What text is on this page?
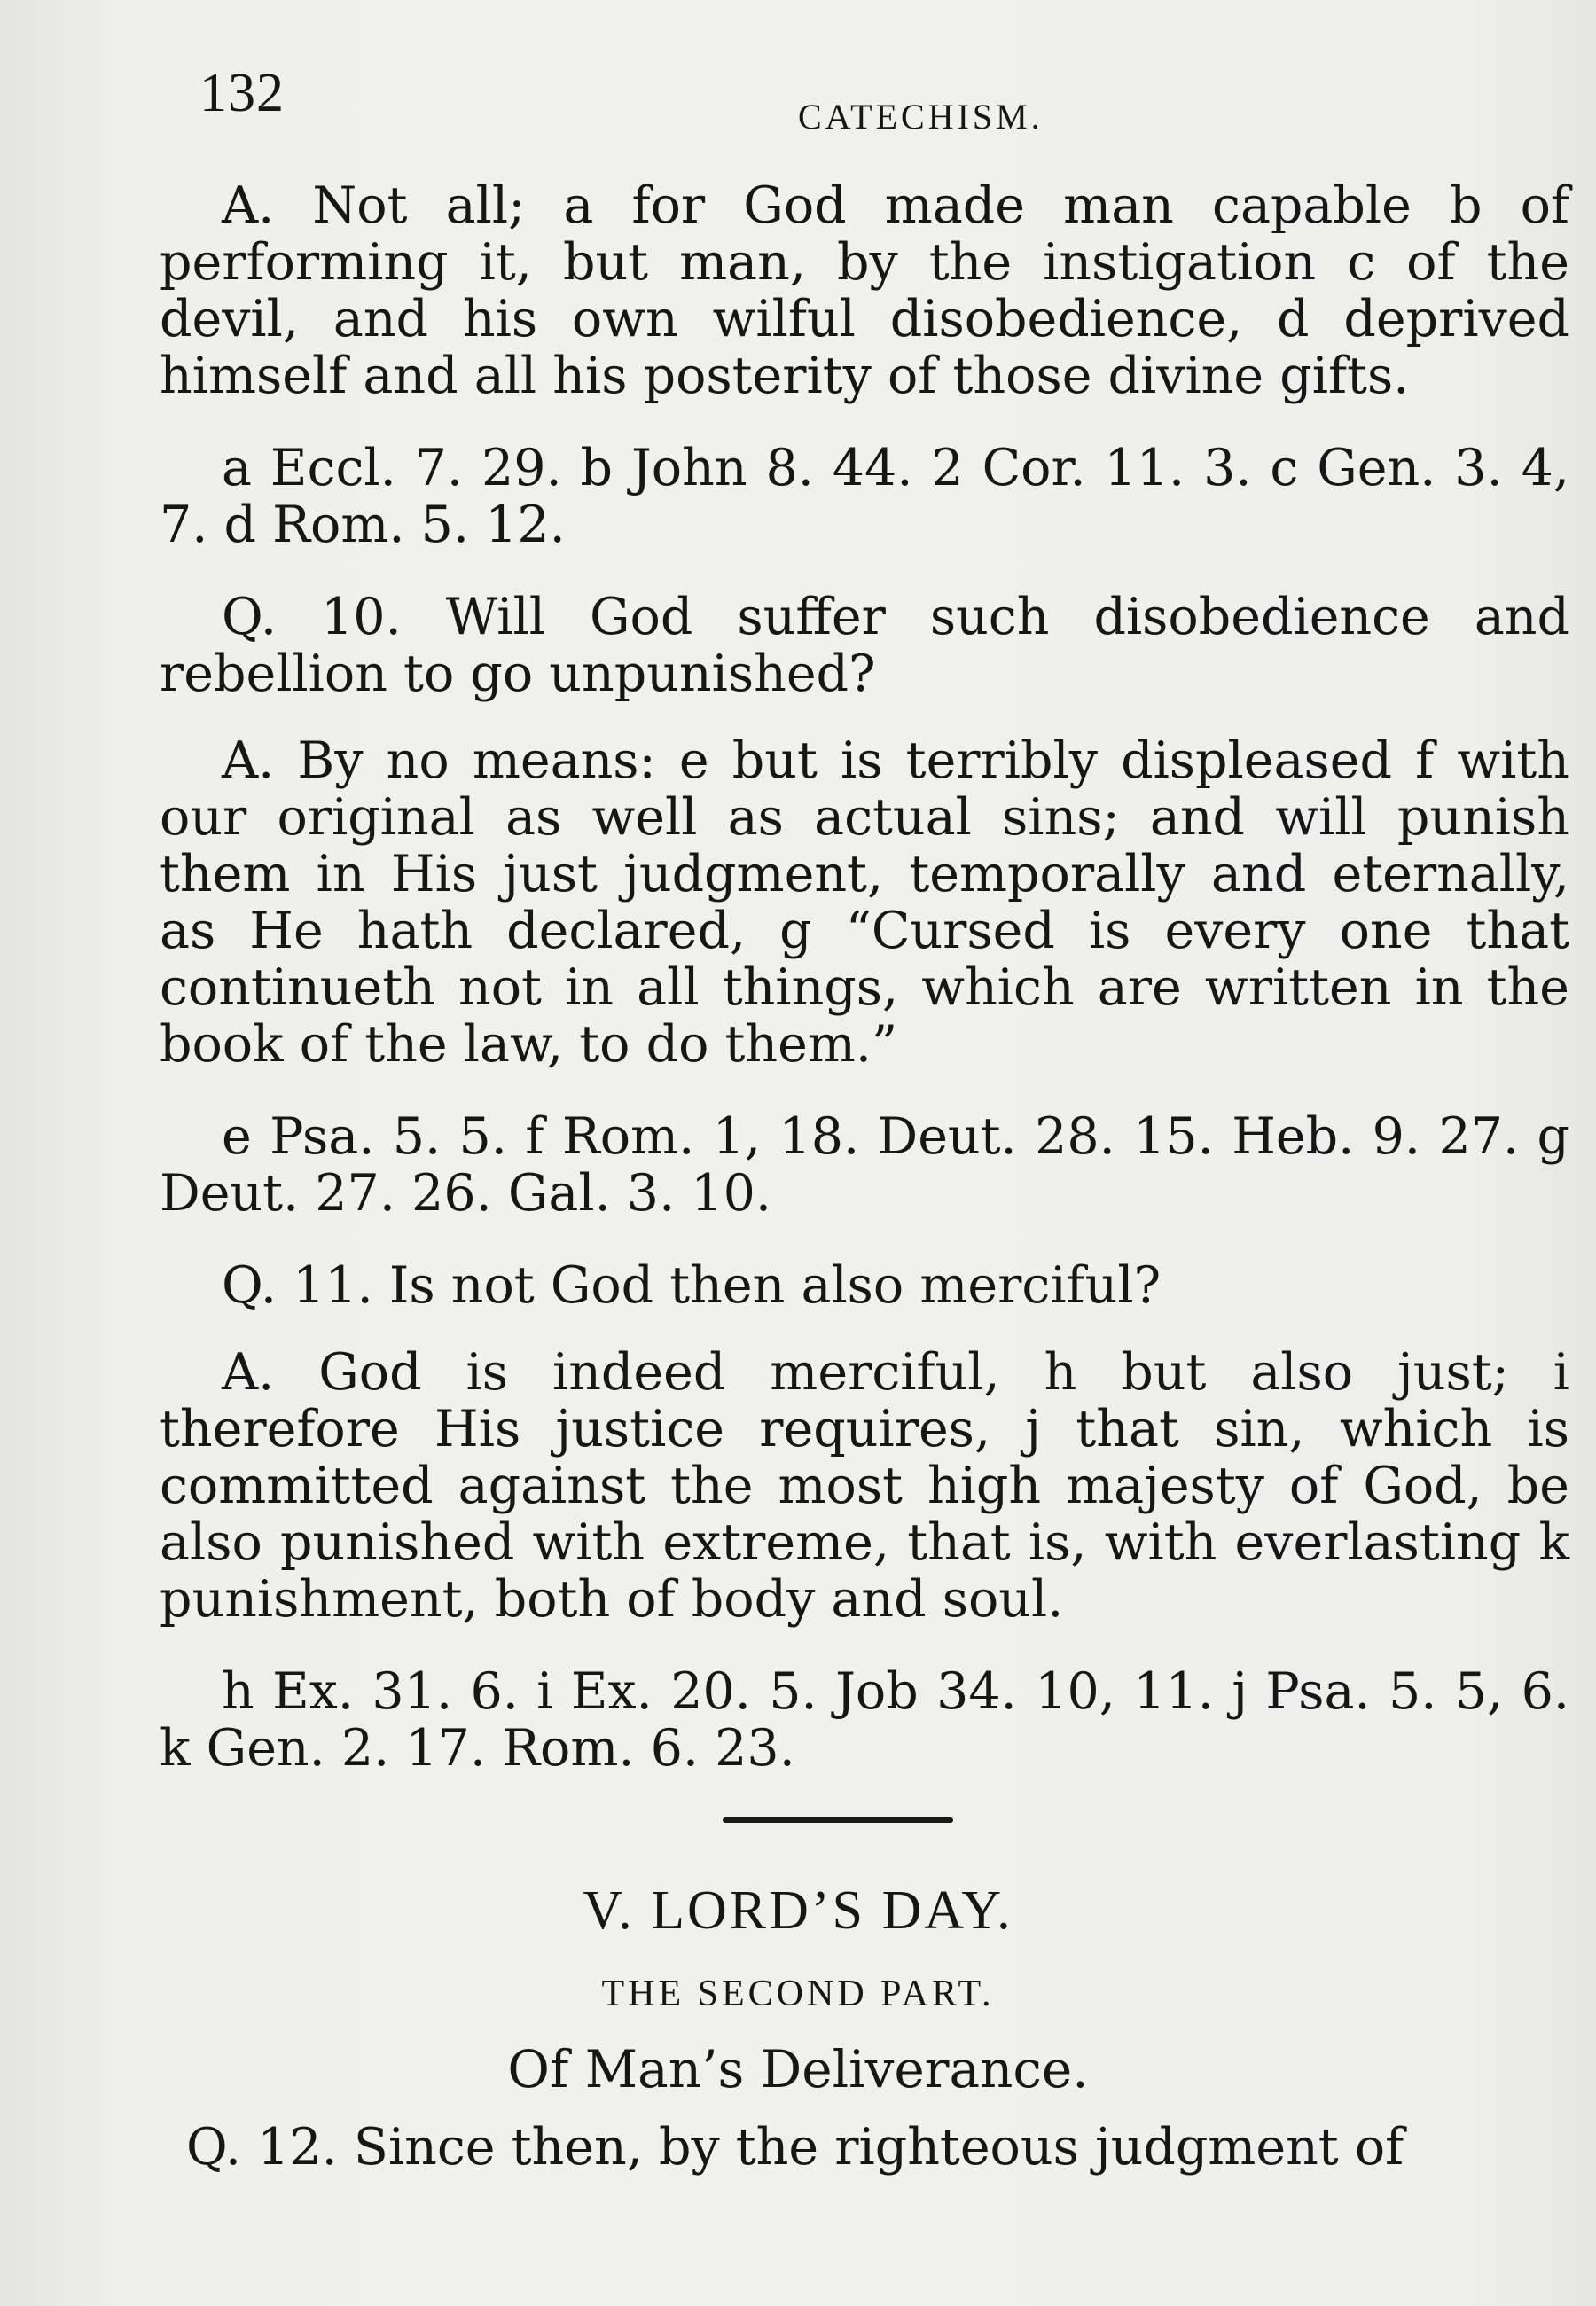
132	CATECHISM.

A. Not all; a for God made man capable b of performing it, but man, by the instigation c of the devil, and his own wilful disobedience, d deprived himself and all his posterity of those divine gifts.

a Eccl. 7. 29. b John 8. 44. 2 Cor. 11. 3. c Gen. 3. 4, 7. d Rom. 5. 12.

Q. 10. Will God suffer such disobedience and rebellion to go unpunished?

A. By no means: e but is terribly displeased f with our original as well as actual sins; and will punish them in His just judgment, temporally and eternally, as He hath declared, g “Cursed is every one that continueth not in all things, which are written in the book of the law, to do them.”

e Psa. 5. 5. f Rom. 1, 18. Deut. 28. 15. Heb. 9. 27. g Deut. 27. 26. Gal. 3. 10.

Q. 11. Is not God then also merciful?

A. God is indeed merciful, h but also just; i therefore His justice requires, j that sin, which is committed against the most high majesty of God, be also punished with extreme, that is, with everlasting k punishment, both of body and soul.

h Ex. 31. 6. i Ex. 20. 5. Job 34. 10, 11. j Psa. 5. 5, 6. k Gen. 2. 17. Rom. 6. 23.

V. LORD’S DAY.
THE SECOND PART.
Of Man’s Deliverance.
Q. 12. Since then, by the righteous judgment of
